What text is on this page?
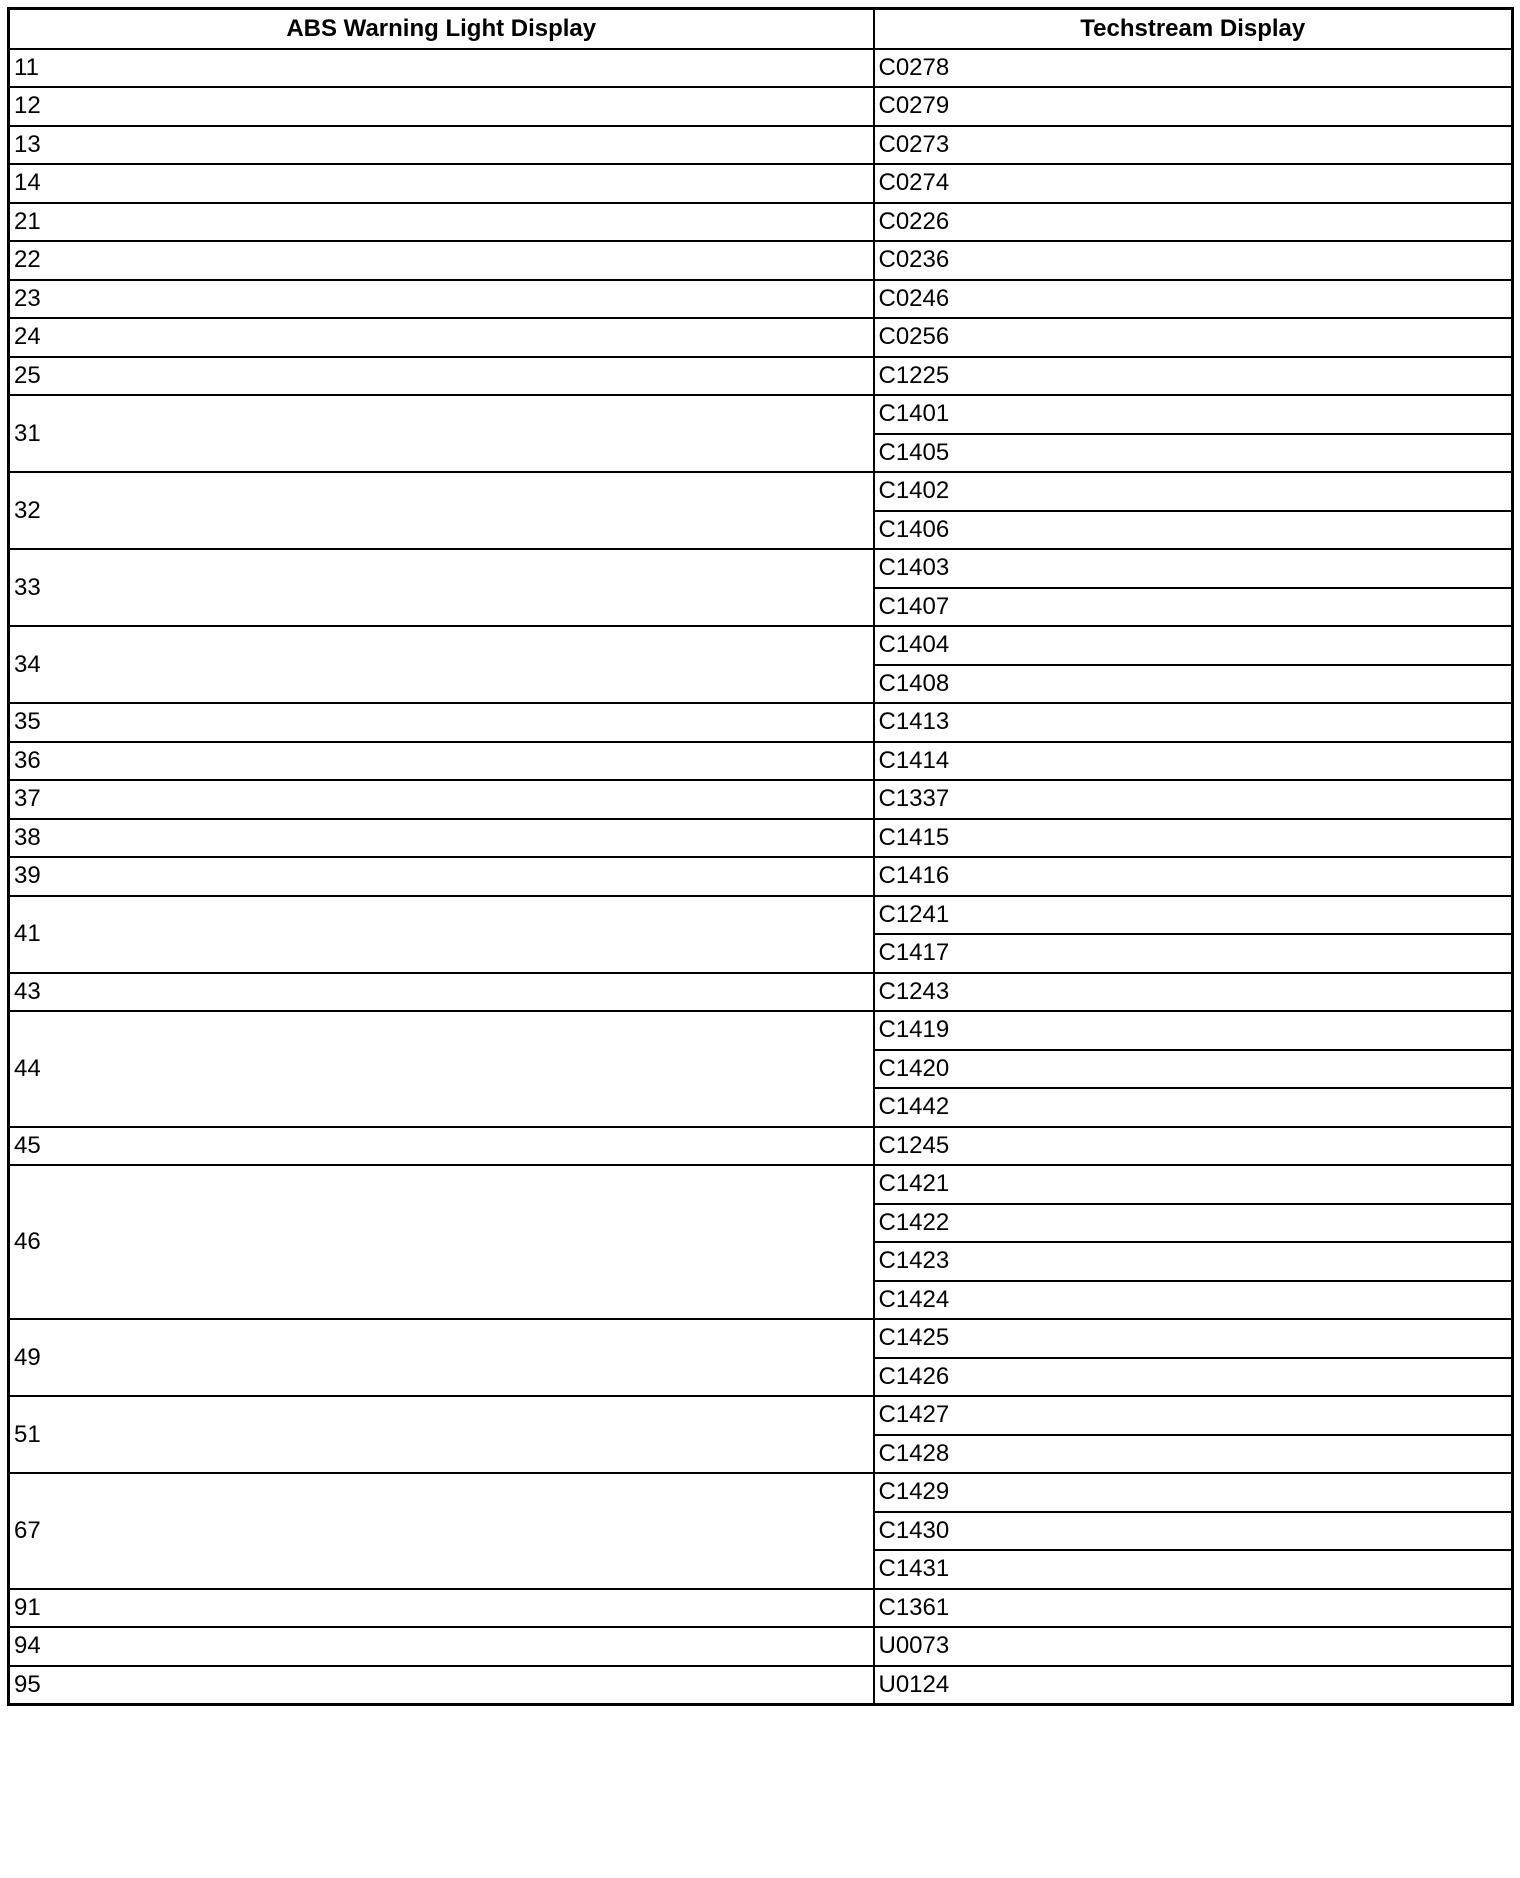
ABS Warning Light Display	Techstream Display
11	C0278
12	C0279
13	C0273
14	C0274
21	C0226
22	C0236
23	C0246
24	C0256
25	C1225
31	C1401
	C1405
32	C1402
	C1406
33	C1403
	C1407
34	C1404
	C1408
35	C1413
36	C1414
37	C1337
38	C1415
39	C1416
41	C1241
	C1417
43	C1243
44	C1419
	C1420
	C1442
45	C1245
46	C1421
	C1422
	C1423
	C1424
49	C1425
	C1426
51	C1427
	C1428
67	C1429
	C1430
	C1431
91	C1361
94	U0073
95	U0124
